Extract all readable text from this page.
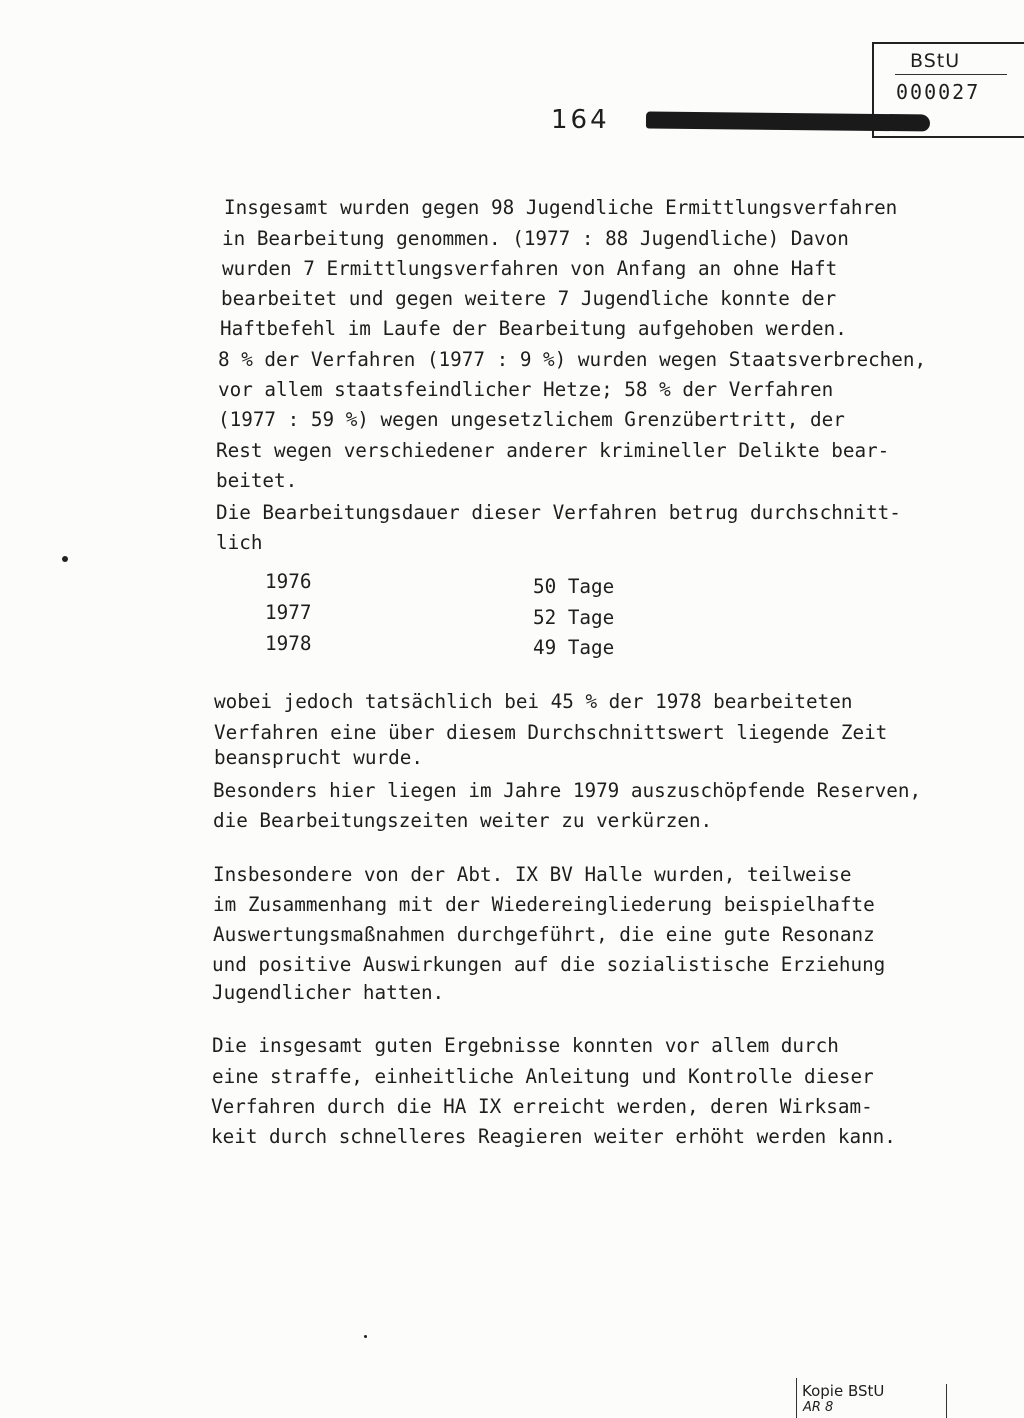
BStU
000027
164
Insgesamt wurden gegen 98 Jugendliche Ermittlungsverfahren
in Bearbeitung genommen. (1977 : 88 Jugendliche) Davon
wurden 7 Ermittlungsverfahren von Anfang an ohne Haft
bearbeitet und gegen weitere 7 Jugendliche konnte der
Haftbefehl im Laufe der Bearbeitung aufgehoben werden.
8 % der Verfahren (1977 : 9 %) wurden wegen Staatsverbrechen,
vor allem staatsfeindlicher Hetze; 58 % der Verfahren
(1977 : 59 %) wegen ungesetzlichem Grenzübertritt, der
Rest wegen verschiedener anderer krimineller Delikte bear-
beitet.
Die Bearbeitungsdauer dieser Verfahren betrug durchschnitt-
lich
1976	50 Tage
1977	52 Tage
1978	49 Tage
wobei jedoch tatsächlich bei 45 % der 1978 bearbeiteten
Verfahren eine über diesem Durchschnittswert liegende Zeit
beansprucht wurde.
Besonders hier liegen im Jahre 1979 auszuschöpfende Reserven,
die Bearbeitungszeiten weiter zu verkürzen.
Insbesondere von der Abt. IX BV Halle wurden, teilweise
im Zusammenhang mit der Wiedereingliederung beispielhafte
Auswertungsmaßnahmen durchgeführt, die eine gute Resonanz
und positive Auswirkungen auf die sozialistische Erziehung
Jugendlicher hatten.
Die insgesamt guten Ergebnisse konnten vor allem durch
eine straffe, einheitliche Anleitung und Kontrolle dieser
Verfahren durch die HA IX erreicht werden, deren Wirksam-
keit durch schnelleres Reagieren weiter erhöht werden kann.
Kopie BStU
AR 8
